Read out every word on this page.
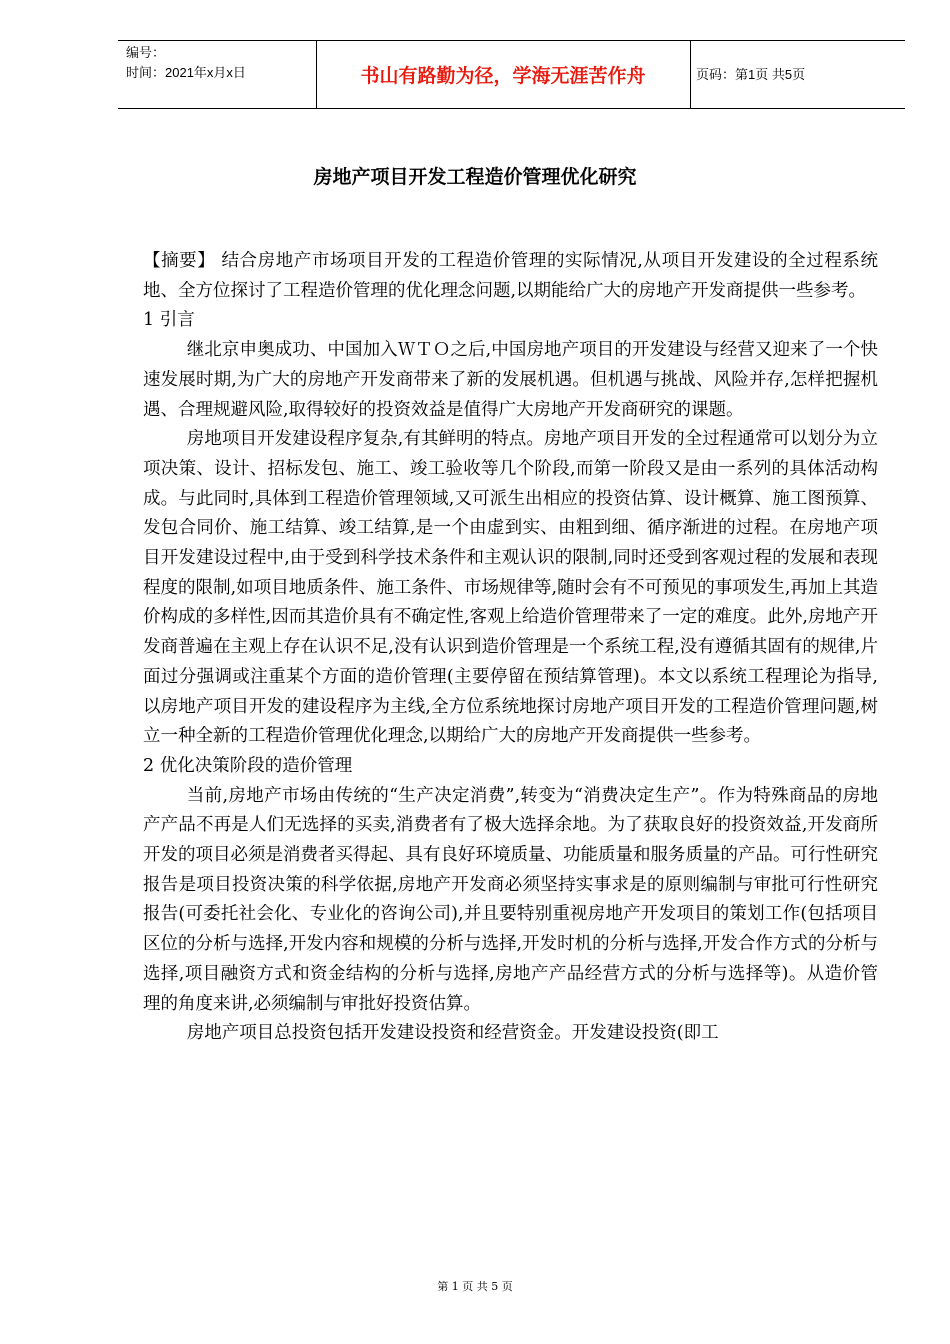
编号：
时间：2021年x月x日	书山有路勤为径，学海无涯苦作舟	页码：第1页 共5页
房地产项目开发工程造价管理优化研究

【摘要】 结合房地产市场项目开发的工程造价管理的实际情况,从项目开发建设的全过程系统地、全方位探讨了工程造价管理的优化理念问题,以期能给广大的房地产开发商提供一些参考。

1 引言

继北京申奥成功、中国加入ＷＴＯ之后,中国房地产项目的开发建设与经营又迎来了一个快速发展时期,为广大的房地产开发商带来了新的发展机遇。但机遇与挑战、风险并存,怎样把握机遇、合理规避风险,取得较好的投资效益是值得广大房地产开发商研究的课题。

房地项目开发建设程序复杂,有其鲜明的特点。房地产项目开发的全过程通常可以划分为立项决策、设计、招标发包、施工、竣工验收等几个阶段,而第一阶段又是由一系列的具体活动构成。与此同时,具体到工程造价管理领域,又可派生出相应的投资估算、设计概算、施工图预算、发包合同价、施工结算、竣工结算,是一个由虚到实、由粗到细、循序渐进的过程。在房地产项目开发建设过程中,由于受到科学技术条件和主观认识的限制,同时还受到客观过程的发展和表现程度的限制,如项目地质条件、施工条件、市场规律等,随时会有不可预见的事项发生,再加上其造价构成的多样性,因而其造价具有不确定性,客观上给造价管理带来了一定的难度。此外,房地产开发商普遍在主观上存在认识不足,没有认识到造价管理是一个系统工程,没有遵循其固有的规律,片面过分强调或注重某个方面的造价管理(主要停留在预结算管理)。本文以系统工程理论为指导,以房地产项目开发的建设程序为主线,全方位系统地探讨房地产项目开发的工程造价管理问题,树立一种全新的工程造价管理优化理念,以期给广大的房地产开发商提供一些参考。

2 优化决策阶段的造价管理

当前,房地产市场由传统的“生产决定消费”,转变为“消费决定生产”。作为特殊商品的房地产产品不再是人们无选择的买卖,消费者有了极大选择余地。为了获取良好的投资效益,开发商所开发的项目必须是消费者买得起、具有良好环境质量、功能质量和服务质量的产品。可行性研究报告是项目投资决策的科学依据,房地产开发商必须坚持实事求是的原则编制与审批可行性研究报告(可委托社会化、专业化的咨询公司),并且要特别重视房地产开发项目的策划工作(包括项目区位的分析与选择,开发内容和规模的分析与选择,开发时机的分析与选择,开发合作方式的分析与选择,项目融资方式和资金结构的分析与选择,房地产产品经营方式的分析与选择等)。从造价管理的角度来讲,必须编制与审批好投资估算。

房地产项目总投资包括开发建设投资和经营资金。开发建设投资(即工

第 1 页 共 5 页
